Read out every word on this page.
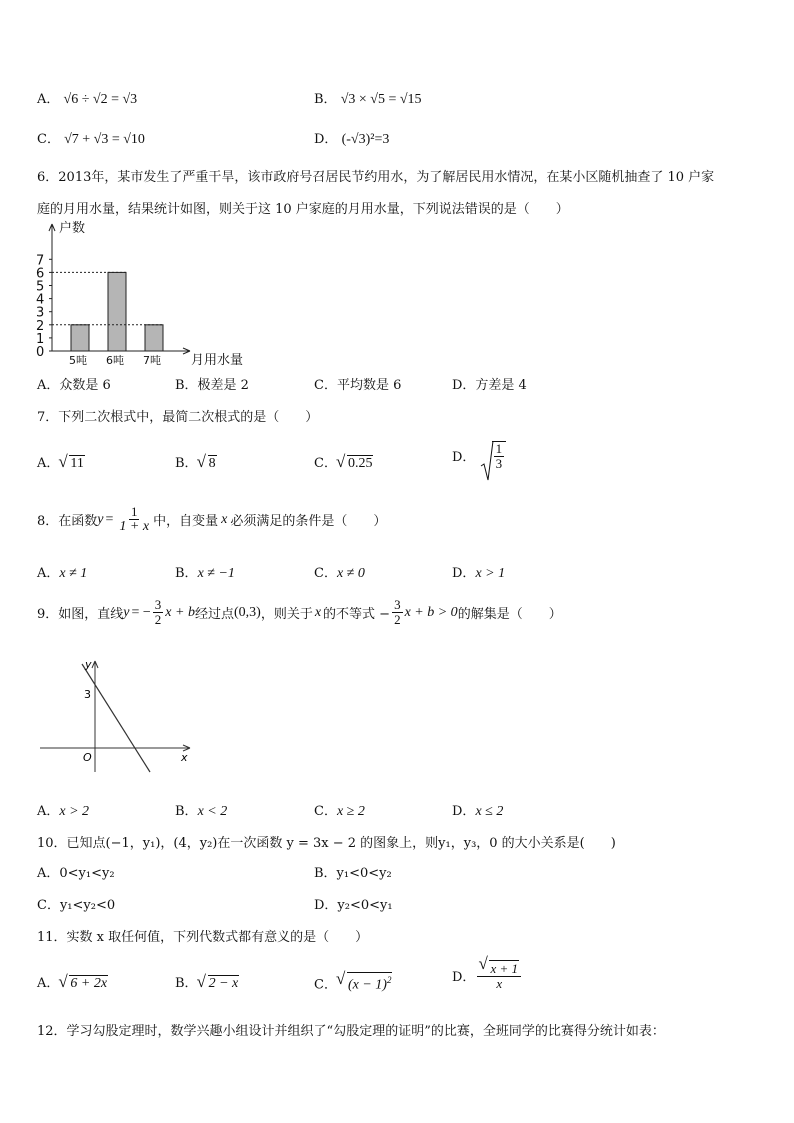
A． √6 ÷ √2 = √3	B． √3 × √5 = √15
C． √7 + √3 = √10	D． (-√3)²=3
6．2013年，某市发生了严重干旱，该市政府号召居民节约用水，为了解居民用水情况，在某小区随机抽查了 10 户家
庭的月用水量，结果统计如图，则关于这 10 户家庭的月用水量，下列说法错误的是（　　）
0
1
2
3
4
5
6
7
户数
月用水量
5吨 6吨 7吨
A．众数是 6	B．极差是 2	C．平均数是 6	D．方差是 4
7．下列二次根式中，最简二次根式的是（　　）
A． √ 11	B． √ 8	C． √ 0.25	D． $\frac{1}{3}$
8．在函数 $y = \frac{1}{1 + x}$ 中，自变量 x 必须满足的条件是（　　）
A．x ≠ 1	B．x ≠ −1	C．x ≠ 0	D．x > 1
9．如图，直线 y = − $\frac{3}{2}$ x + b 经过点 (0,3) ，则关于 x 的不等式 − $\frac{3}{2}$ x + b > 0 的解集是（　　）
y
x
O
3
A．x > 2	B．x < 2	C．x ≥ 2	D．x ≤ 2
10．已知点(−1，y₁)，(4，y₂)在一次函数 y = 3x − 2 的图象上，则y₁，y₃，0 的大小关系是(　　)
A．0<y₁<y₂	B．y₁<0<y₂
C．y₁<y₂<0	D．y₂<0<y₁
11．实数 x 取任何值，下列代数式都有意义的是（　　）
A． √ 6 + 2x	B． √ 2 − x	C． √ $(x - 1)^2$	D． √ $\frac{x + 1}{x}$
12．学习勾股定理时，数学兴趣小组设计并组织了“勾股定理的证明”的比赛，全班同学的比赛得分统计如表：
